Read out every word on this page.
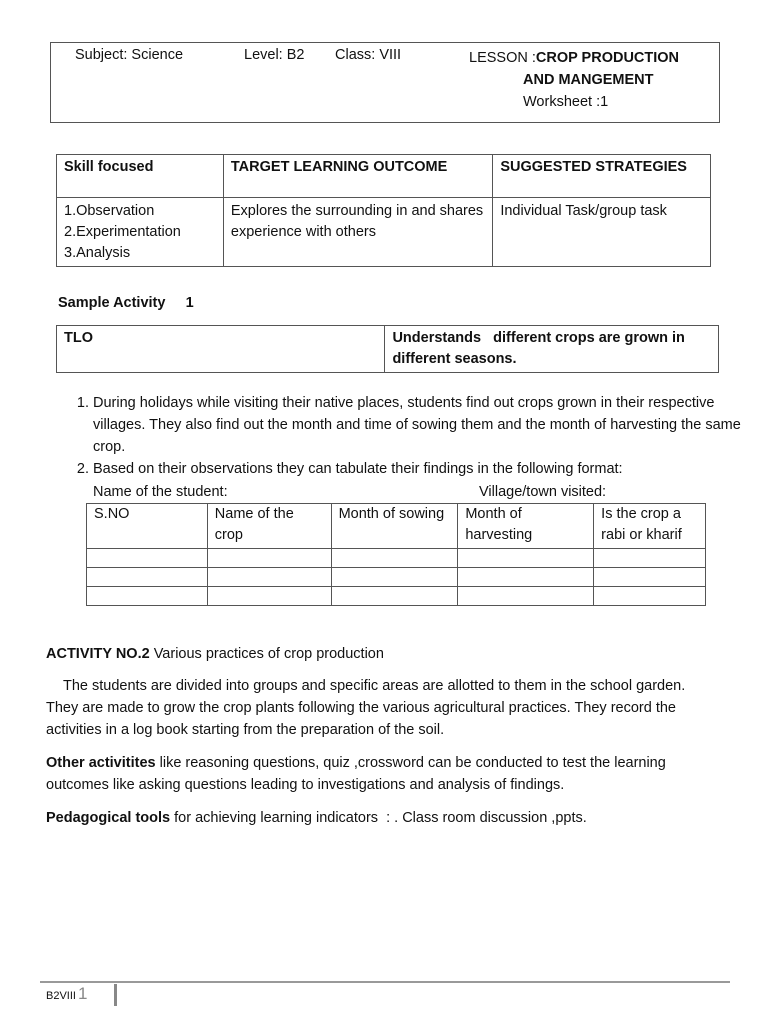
Subject: Science	Level: B2 Class: VIII	LESSON :CROP PRODUCTION
AND MANGEMENT
Worksheet :1
Skill focused	TARGET LEARNING OUTCOME	SUGGESTED STRATEGIES

1.Observation
2.Experimentation
3.Analysis	Explores the surrounding in and shares experience with others	Individual Task/group task
Sample Activity     1
TLO	Understands   different crops are grown in different seasons.
1. During holidays while visiting their native places, students find out crops grown in their respective villages. They also find out the month and time of sowing them and the month of harvesting the same crop.
2. Based on their observations they can tabulate their findings in the following format:
Name of the student:	Village/town visited:
S.NO	Name of the crop	Month of sowing	Month of harvesting	Is the crop a rabi or kharif

ACTIVITY NO.2 Various practices of crop production
The students are divided into groups and specific areas are allotted to them in the school garden. They are made to grow the crop plants following the various agricultural practices. They record the activities in a log book starting from the preparation of the soil.
Other activitites like reasoning questions, quiz ,crossword can be conducted to test the learning outcomes like asking questions leading to investigations and analysis of findings.
Pedagogical tools for achieving learning indicators  : . Class room discussion ,ppts.
B2VIII 1
